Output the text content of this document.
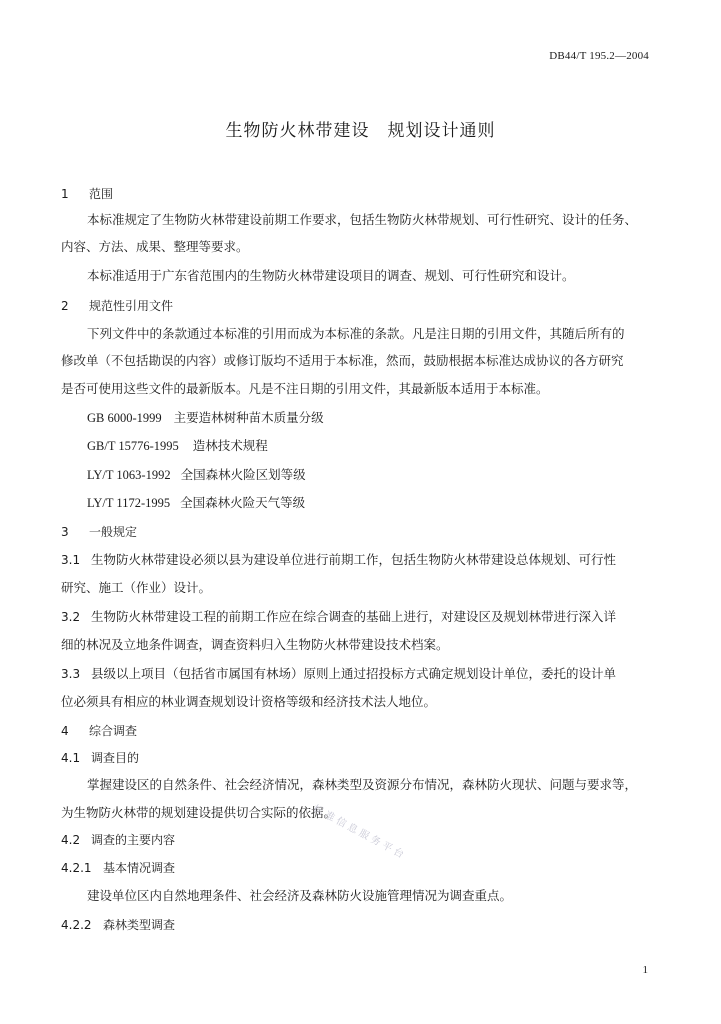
DB44/T 195.2—2004
生物防火林带建设　规划设计通则
1 范围
本标准规定了生物防火林带建设前期工作要求，包括生物防火林带规划、可行性研究、设计的任务、
内容、方法、成果、整理等要求。
本标准适用于广东省范围内的生物防火林带建设项目的调查、规划、可行性研究和设计。
2 规范性引用文件
下列文件中的条款通过本标准的引用而成为本标准的条款。凡是注日期的引用文件，其随后所有的
修改单（不包括勘误的内容）或修订版均不适用于本标准，然而，鼓励根据本标准达成协议的各方研究
是否可使用这些文件的最新版本。凡是不注日期的引用文件，其最新版本适用于本标准。
GB 6000-1999 主要造林树种苗木质量分级
GB/T 15776-1995 造林技术规程
LY/T 1063-1992 全国森林火险区划等级
LY/T 1172-1995 全国森林火险天气等级
3 一般规定
3.1 生物防火林带建设必须以县为建设单位进行前期工作，包括生物防火林带建设总体规划、可行性
研究、施工（作业）设计。
3.2 生物防火林带建设工程的前期工作应在综合调查的基础上进行，对建设区及规划林带进行深入详
细的林况及立地条件调查，调查资料归入生物防火林带建设技术档案。
3.3 县级以上项目（包括省市属国有林场）原则上通过招投标方式确定规划设计单位，委托的设计单
位必须具有相应的林业调查规划设计资格等级和经济技术法人地位。
4 综合调查
4.1 调查目的
掌握建设区的自然条件、社会经济情况，森林类型及资源分布情况，森林防火现状、问题与要求等，
为生物防火林带的规划建设提供切合实际的依据。
4.2 调查的主要内容
4.2.1 基本情况调查
建设单位区内自然地理条件、社会经济及森林防火设施管理情况为调查重点。
4.2.2 森林类型调查
标准信息服务平台
1
